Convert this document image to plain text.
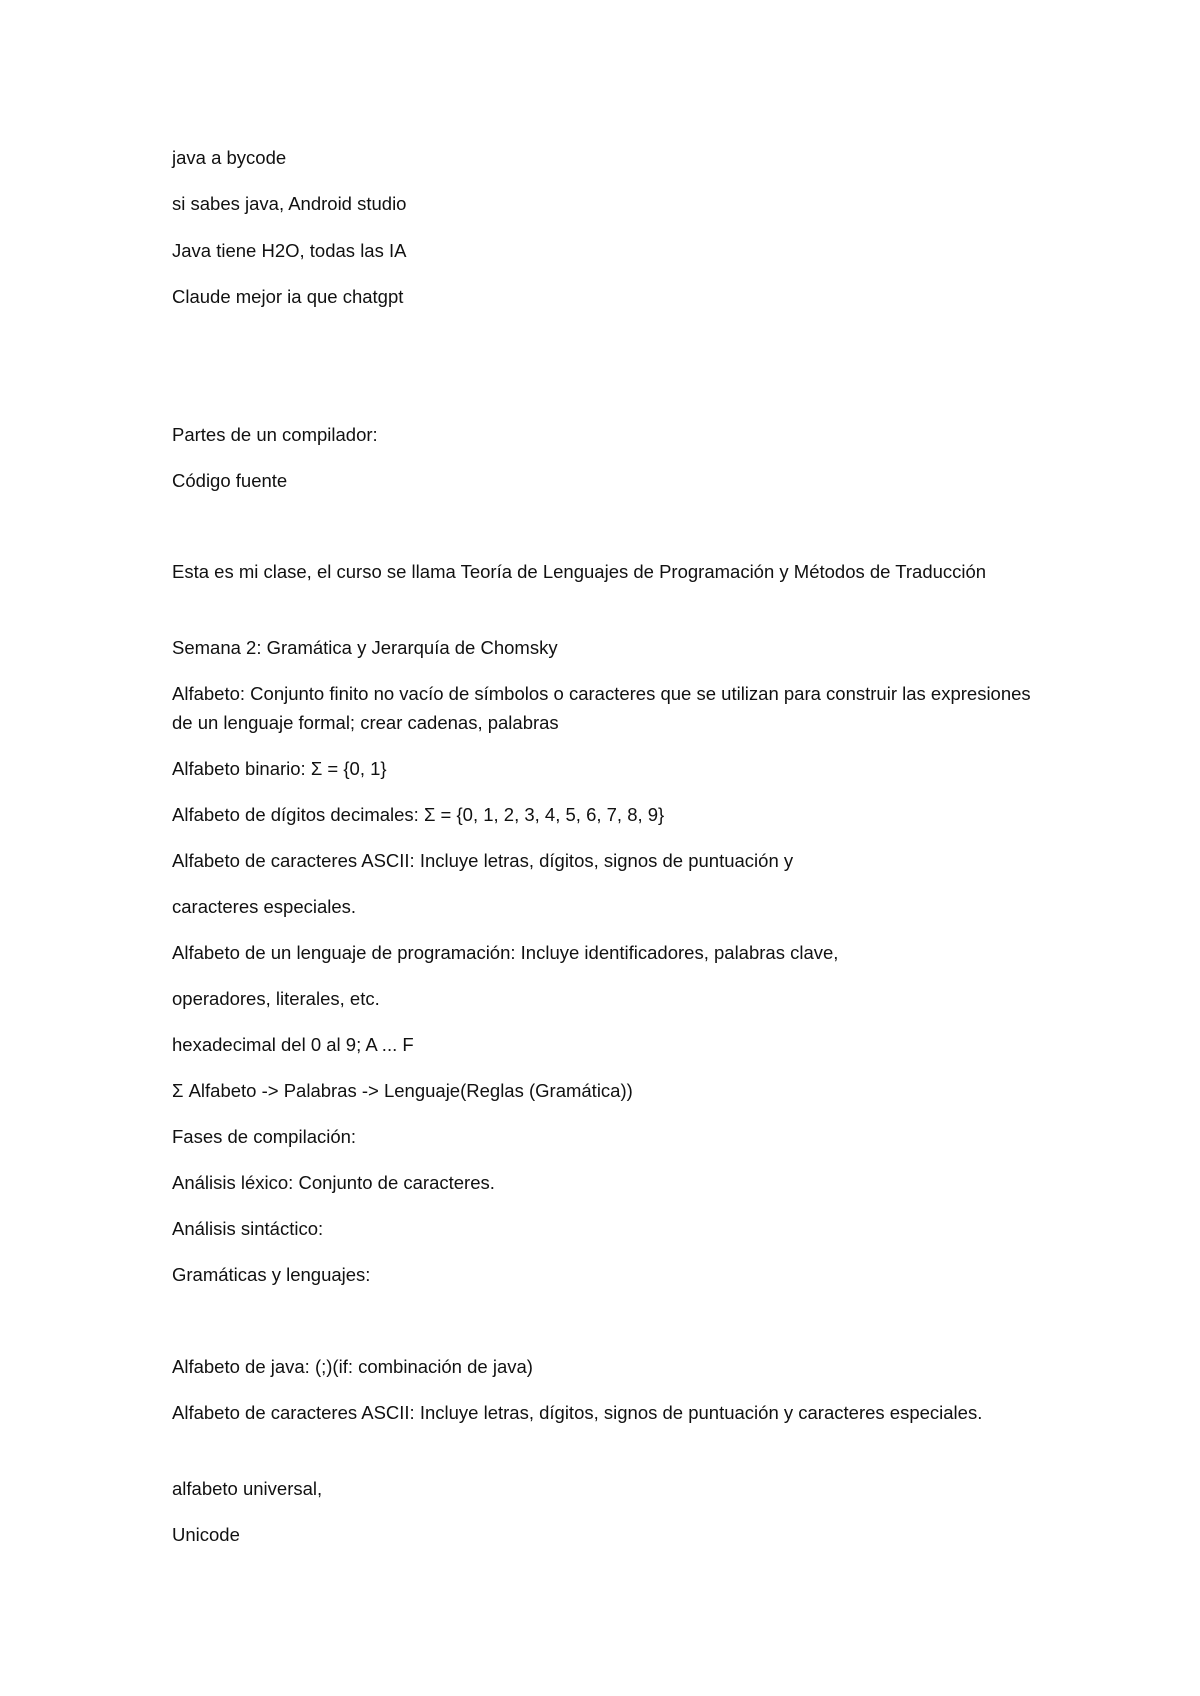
java a bycode
si sabes java, Android studio
Java tiene H2O, todas las IA
Claude mejor ia que chatgpt
Partes de un compilador:
Código fuente
Esta es mi clase, el curso se llama Teoría de Lenguajes de Programación y Métodos de Traducción
Semana 2: Gramática y Jerarquía de Chomsky
Alfabeto: Conjunto finito no vacío de símbolos o caracteres que se utilizan para construir las expresiones de un lenguaje formal; crear cadenas, palabras
Alfabeto binario: Σ = {0, 1}
Alfabeto de dígitos decimales: Σ = {0, 1, 2, 3, 4, 5, 6, 7, 8, 9}
Alfabeto de caracteres ASCII: Incluye letras, dígitos, signos de puntuación y
caracteres especiales.
Alfabeto de un lenguaje de programación: Incluye identificadores, palabras clave,
operadores, literales, etc.
hexadecimal del 0 al 9; A ... F
Σ Alfabeto -> Palabras -> Lenguaje(Reglas (Gramática))
Fases de compilación:
Análisis léxico: Conjunto de caracteres.
Análisis sintáctico:
Gramáticas y lenguajes:
Alfabeto de java: (;)(if: combinación de java)
Alfabeto de caracteres ASCII: Incluye letras, dígitos, signos de puntuación y caracteres especiales.
alfabeto universal,
Unicode
